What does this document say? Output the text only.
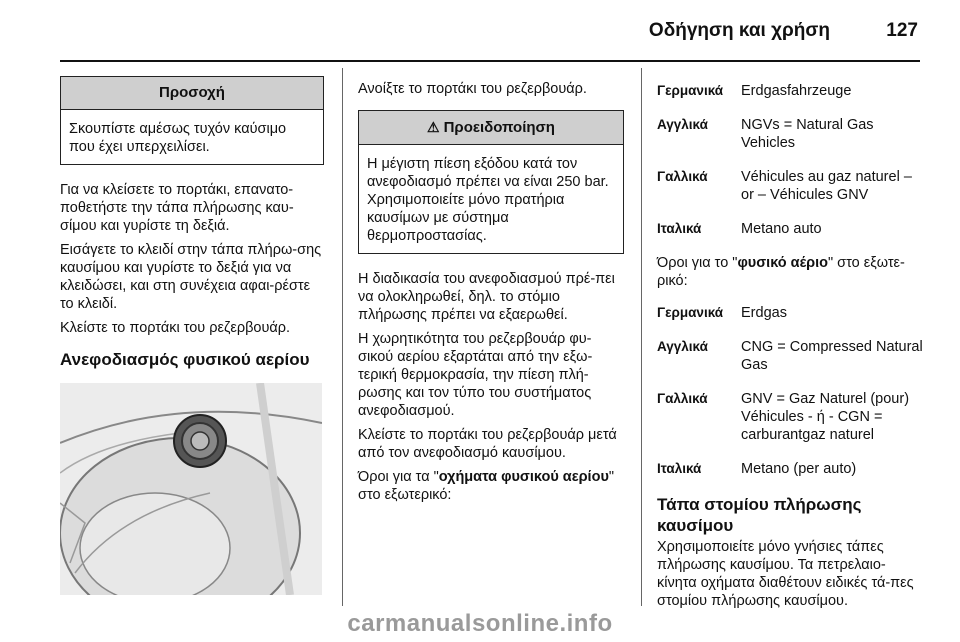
Οδήγηση και χρήση	127
Προσοχή
Σκουπίστε αμέσως τυχόν καύσιμο που έχει υπερχειλίσει.

Για να κλείσετε το πορτάκι, επανατο-ποθετήστε την τάπα πλήρωσης καυ-σίμου και γυρίστε τη δεξιά.

Εισάγετε το κλειδί στην τάπα πλήρω-σης καυσίμου και γυρίστε το δεξιά για να κλειδώσει, και στη συνέχεια αφαι-ρέστε το κλειδί.

Κλείστε το πορτάκι του ρεζερβουάρ.

Ανεφοδιασμός φυσικού αερίου

Ανοίξτε το πορτάκι του ρεζερβουάρ.

⚠ Προειδοποίηση
Η μέγιστη πίεση εξόδου κατά τον ανεφοδιασμό πρέπει να είναι 250 bar. Χρησιμοποιείτε μόνο πρατήρια καυσίμων με σύστημα θερμοπροστασίας.

Η διαδικασία του ανεφοδιασμού πρέ-πει να ολοκληρωθεί, δηλ. το στόμιο πλήρωσης πρέπει να εξαερωθεί.

Η χωρητικότητα του ρεζερβουάρ φυ-σικού αερίου εξαρτάται από την εξω-τερική θερμοκρασία, την πίεση πλή-ρωσης και τον τύπο του συστήματος ανεφοδιασμού.

Κλείστε το πορτάκι του ρεζερβουάρ μετά από τον ανεφοδιασμό καυσίμου.

Όροι για τα "οχήματα φυσικού αερίου" στο εξωτερικό:

Γερμανικά	Erdgasfahrzeuge
Αγγλικά	NGVs = Natural Gas Vehicles
Γαλλικά	Véhicules au gaz naturel – or – Véhicules GNV
Ιταλικά	Metano auto

Όροι για το "φυσικό αέριο" στο εξωτε-ρικό:

Γερμανικά	Erdgas
Αγγλικά	CNG = Compressed Natural Gas
Γαλλικά	GNV = Gaz Naturel (pour) Véhicules - ή - CGN = carburantgaz naturel
Ιταλικά	Metano (per auto)
Τάπα στομίου πλήρωσης καυσίμου

Χρησιμοποιείτε μόνο γνήσιες τάπες πλήρωσης καυσίμου. Τα πετρελαιο-κίνητα οχήματα διαθέτουν ειδικές τά-πες στομίου πλήρωσης καυσίμου.

carmanualsonline.info
